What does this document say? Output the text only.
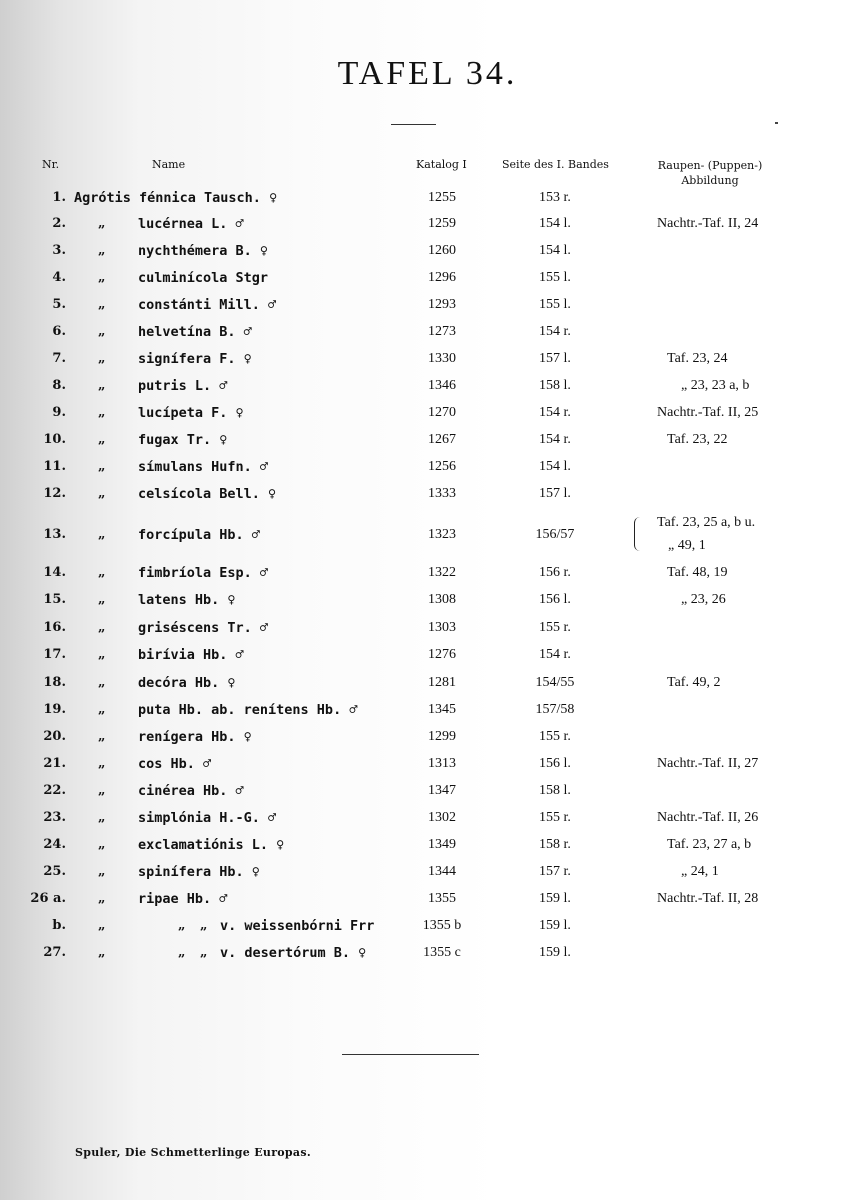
TAFEL 34.
Nr.	Name	Katalog I	Seite des I. Bandes	Raupen- (Puppen-)
Abbildung
1. Agrótis fénnica Tausch. ♀	1255	153 r.
2. „ lucérnea L. ♂	1259	154 l.	Nachtr.-Taf. II, 24
3. „ nychthémera B. ♀	1260	154 l.
4. „ culminícola Stgr	1296	155 l.
5. „ constánti Mill. ♂	1293	155 l.
6. „ helvetína B. ♂	1273	154 r.
7. „ signífera F. ♀	1330	157 l.	Taf. 23, 24
8. „ putris L. ♂	1346	158 l.	„ 23, 23 a, b
9. „ lucípeta F. ♀	1270	154 r.	Nachtr.-Taf. II, 25
10. „ fugax Tr. ♀	1267	154 r.	Taf. 23, 22
11. „ símulans Hufn. ♂	1256	154 l.
12. „ celsícola Bell. ♀	1333	157 l.
13. „ forcípula Hb. ♂	1323	156/57
Taf. 23, 25 a, b u.
„ 49, 1
14. „ fimbríola Esp. ♂	1322	156 r.	Taf. 48, 19
15. „ latens Hb. ♀	1308	156 l.	„ 23, 26
16. „ griséscens Tr. ♂	1303	155 r.
17. „ birívia Hb. ♂	1276	154 r.
18. „ decóra Hb. ♀	1281	154/55	Taf. 49, 2
19. „ puta Hb. ab. renítens Hb. ♂	1345	157/58
20. „ renígera Hb. ♀	1299	155 r.
21. „ cos Hb. ♂	1313	156 l.	Nachtr.-Taf. II, 27
22. „ cinérea Hb. ♂	1347	158 l.
23. „ simplónia H.-G. ♂	1302	155 r.	Nachtr.-Taf. II, 26
24. „ exclamatiónis L. ♀	1349	158 r.	Taf. 23, 27 a, b
25. „ spinífera Hb. ♀	1344	157 r.	„ 24, 1
26 a. „ ripae Hb. ♂	1355	159 l.	Nachtr.-Taf. II, 28
b. „	„ „ v. weissenbórni Frr	1355 b	159 l.
27. „	„ „ v. desertórum B. ♀	1355 c	159 l.
Spuler, Die Schmetterlinge Europas.
